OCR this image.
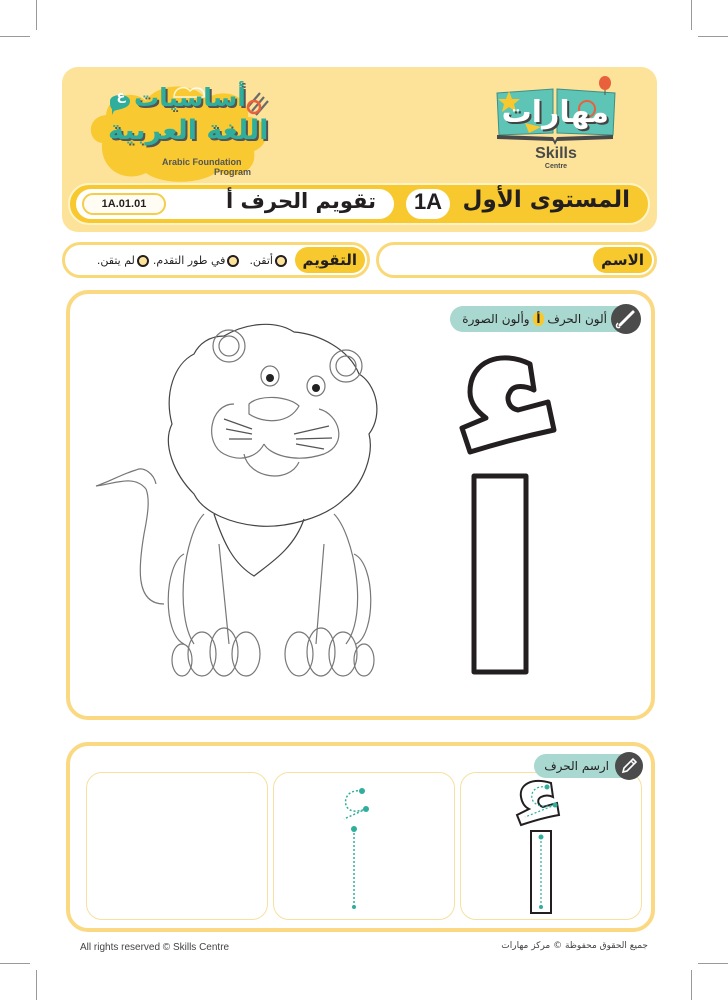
ع أساسيات
اللغة العربية
Arabic Foundation
Program
مهارات
Skills
Centre
1A.01.01	تقويم الحرف أ	1A المستوى الأول
الاسم
التقويم
أتقن.
في طور التقدم.
لم يتقن.
ألون الحرف أ وألون الصورة
ارسم الحرف
All rights reserved © Skills Centre	جميع الحقوق محفوظة © مركز مهارات
